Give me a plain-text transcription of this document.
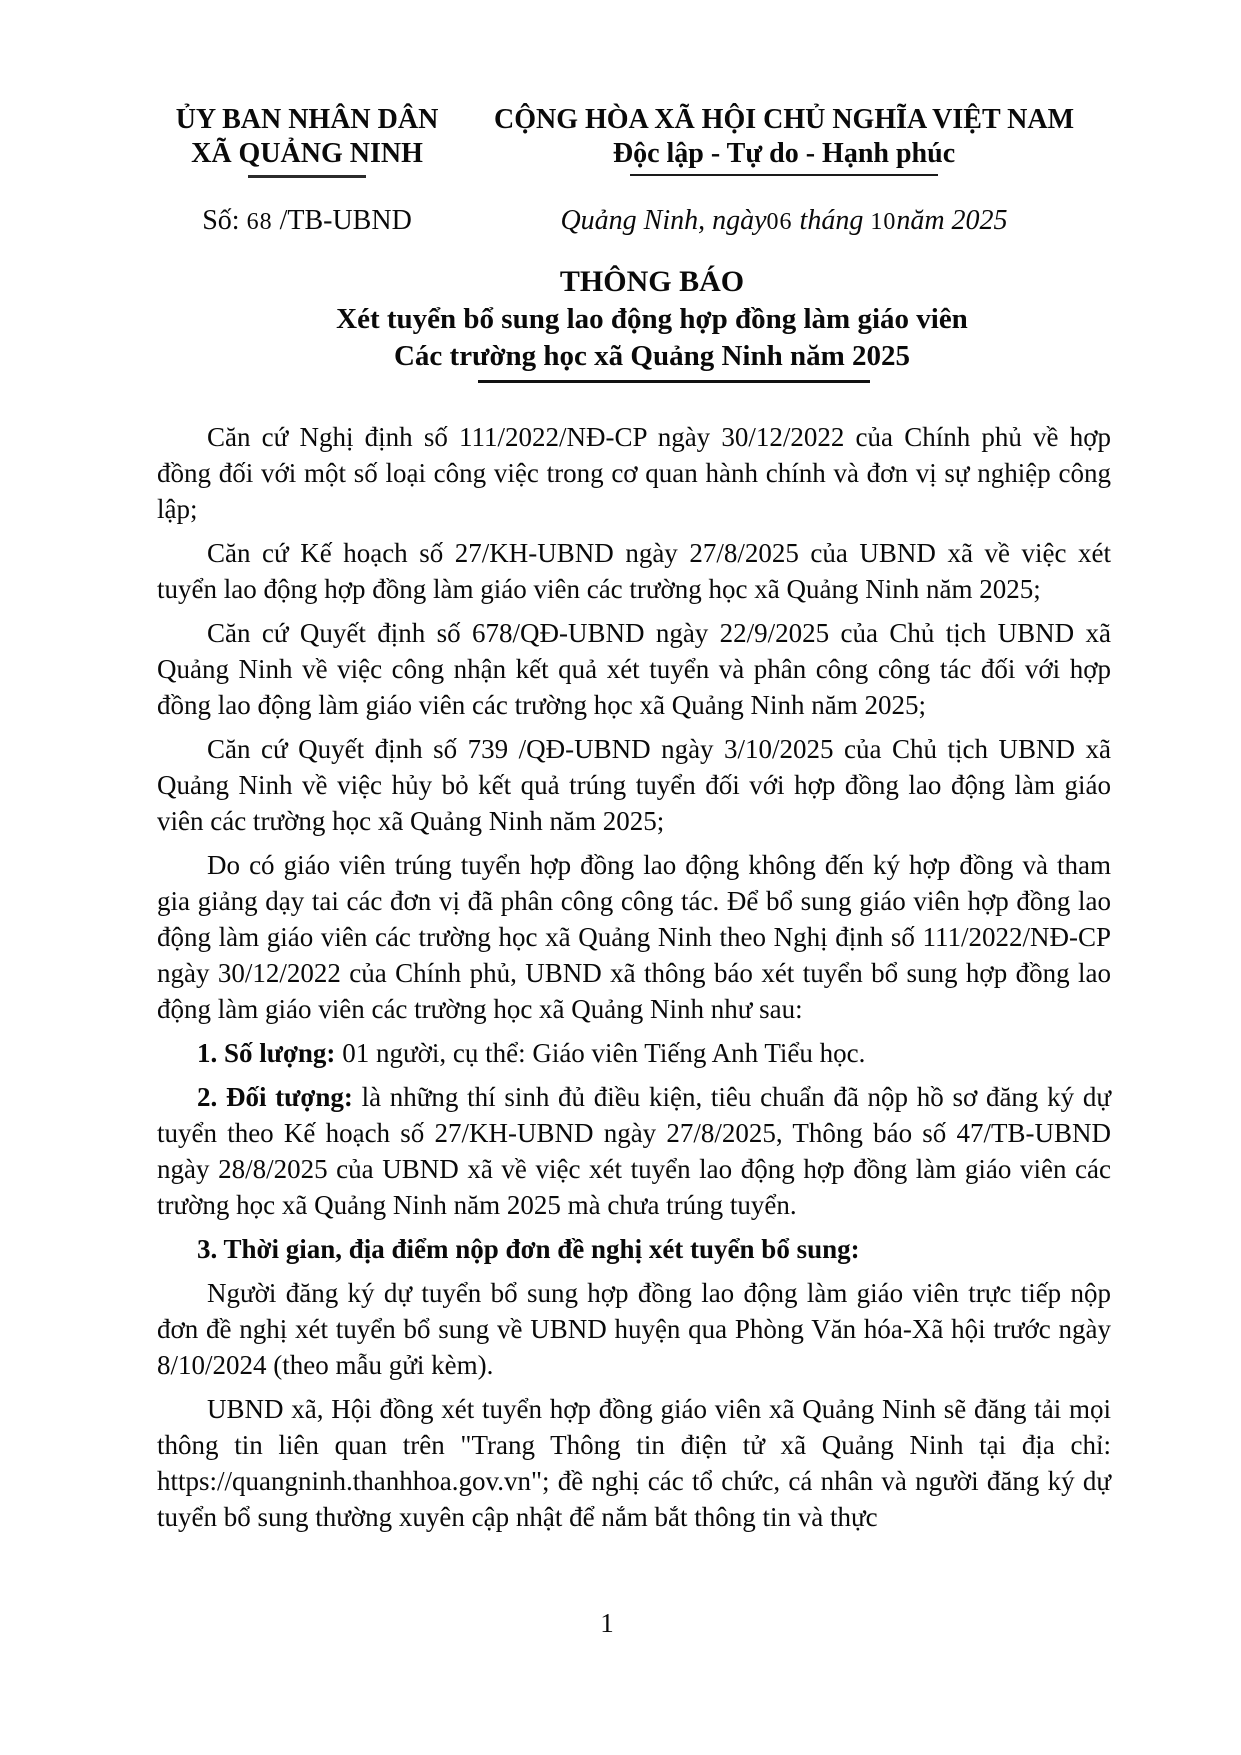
ỦY BAN NHÂN DÂN
XÃ QUẢNG NINH
CỘNG HÒA XÃ HỘI CHỦ NGHĨA VIỆT NAM
Độc lập - Tự do - Hạnh phúc
Số: 68 /TB-UBND	Quảng Ninh, ngày06 tháng 10năm 2025
THÔNG BÁO
Xét tuyển bổ sung lao động hợp đồng làm giáo viên
Các trường học xã Quảng Ninh năm 2025

Căn cứ Nghị định số 111/2022/NĐ-CP ngày 30/12/2022 của Chính phủ về hợp đồng đối với một số loại công việc trong cơ quan hành chính và đơn vị sự nghiệp công lập;

Căn cứ Kế hoạch số 27/KH-UBND ngày 27/8/2025 của UBND xã về việc xét tuyển lao động hợp đồng làm giáo viên các trường học xã Quảng Ninh năm 2025;

Căn cứ Quyết định số 678/QĐ-UBND ngày 22/9/2025 của Chủ tịch UBND xã Quảng Ninh về việc công nhận kết quả xét tuyển và phân công công tác đối với hợp đồng lao động làm giáo viên các trường học xã Quảng Ninh năm 2025;

Căn cứ Quyết định số 739 /QĐ-UBND ngày 3/10/2025 của Chủ tịch UBND xã Quảng Ninh về việc hủy bỏ kết quả trúng tuyển đối với hợp đồng lao động làm giáo viên các trường học xã Quảng Ninh năm 2025;

Do có giáo viên trúng tuyển hợp đồng lao động không đến ký hợp đồng và tham gia giảng dạy tai các đơn vị đã phân công công tác. Để bổ sung giáo viên hợp đồng lao động làm giáo viên các trường học xã Quảng Ninh theo Nghị định số 111/2022/NĐ-CP ngày 30/12/2022 của Chính phủ, UBND xã thông báo xét tuyển bổ sung hợp đồng lao động làm giáo viên các trường học xã Quảng Ninh như sau:

1. Số lượng: 01 người, cụ thể: Giáo viên Tiếng Anh Tiểu học.

2. Đối tượng: là những thí sinh đủ điều kiện, tiêu chuẩn đã nộp hồ sơ đăng ký dự tuyển theo Kế hoạch số 27/KH-UBND ngày 27/8/2025, Thông báo số 47/TB-UBND ngày 28/8/2025 của UBND xã về việc xét tuyển lao động hợp đồng làm giáo viên các trường học xã Quảng Ninh năm 2025 mà chưa trúng tuyển.

3. Thời gian, địa điểm nộp đơn đề nghị xét tuyển bổ sung:

Người đăng ký dự tuyển bổ sung hợp đồng lao động làm giáo viên trực tiếp nộp đơn đề nghị xét tuyển bổ sung về UBND huyện qua Phòng Văn hóa-Xã hội trước ngày 8/10/2024 (theo mẫu gửi kèm).

UBND xã, Hội đồng xét tuyển hợp đồng giáo viên xã Quảng Ninh sẽ đăng tải mọi thông tin liên quan trên "Trang Thông tin điện tử xã Quảng Ninh tại địa chỉ: https://quangninh.thanhhoa.gov.vn"; đề nghị các tổ chức, cá nhân và người đăng ký dự tuyển bổ sung thường xuyên cập nhật để nắm bắt thông tin và thực

1
